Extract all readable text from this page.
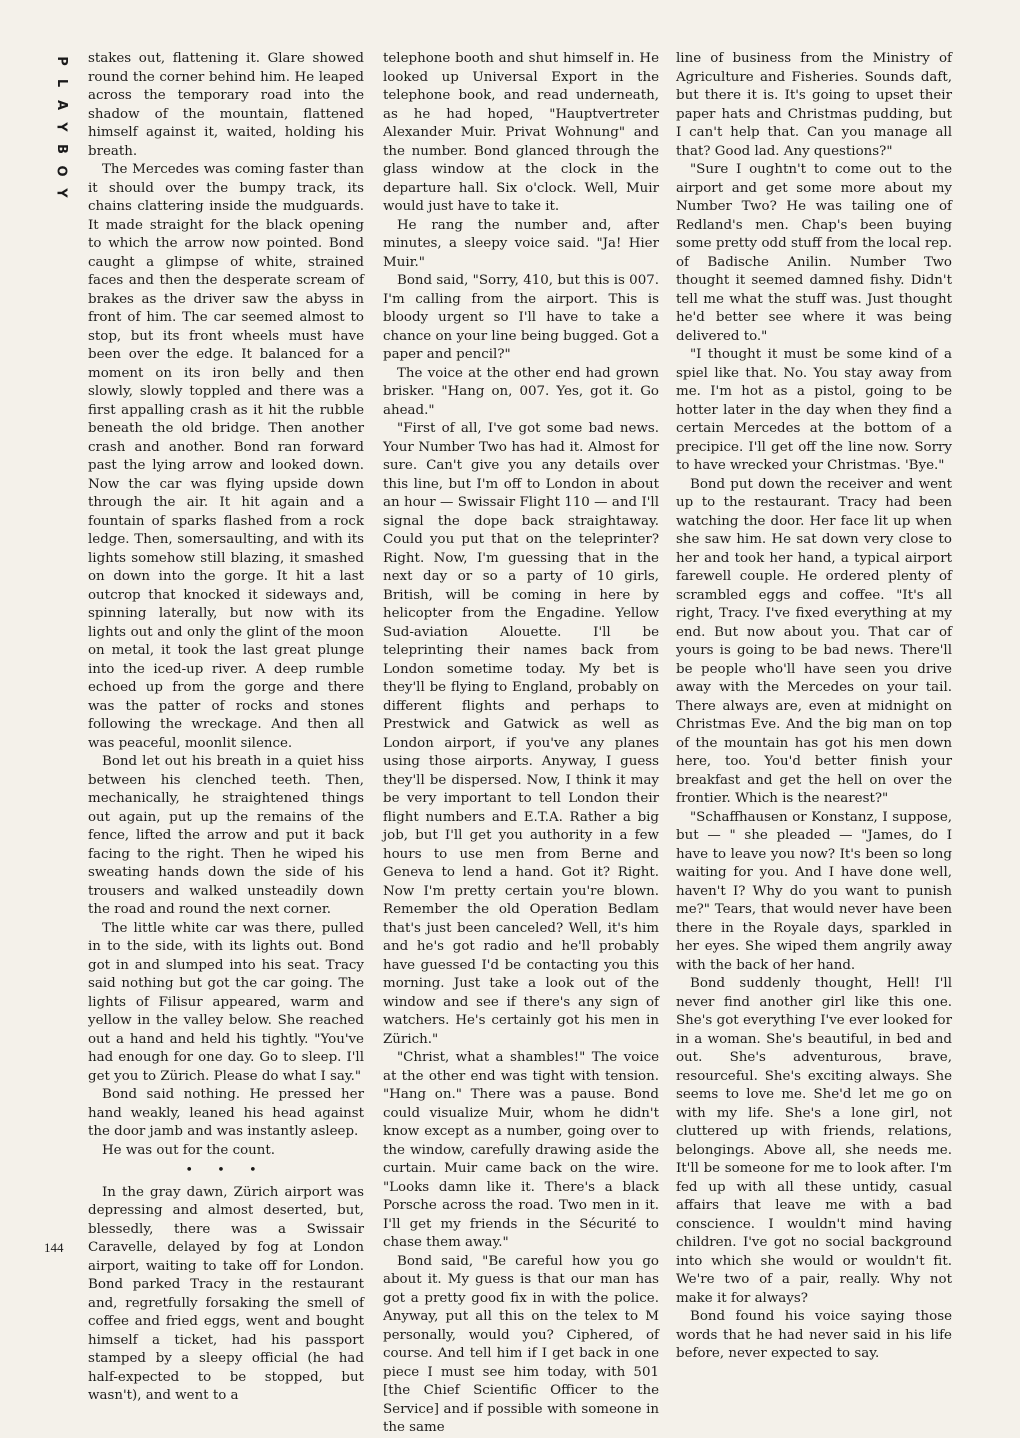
P
L
A
Y
B
O
Y

stakes out, flattening it. Glare showed round the corner behind him. He leaped across the temporary road into the shadow of the mountain, flattened himself against it, waited, holding his breath.

The Mercedes was coming faster than it should over the bumpy track, its chains clattering inside the mudguards. It made straight for the black opening to which the arrow now pointed. Bond caught a glimpse of white, strained faces and then the desperate scream of brakes as the driver saw the abyss in front of him. The car seemed almost to stop, but its front wheels must have been over the edge. It balanced for a moment on its iron belly and then slowly, slowly toppled and there was a first appalling crash as it hit the rubble beneath the old bridge. Then another crash and another. Bond ran forward past the lying arrow and looked down. Now the car was flying upside down through the air. It hit again and a fountain of sparks flashed from a rock ledge. Then, somersaulting, and with its lights somehow still blazing, it smashed on down into the gorge. It hit a last outcrop that knocked it sideways and, spinning laterally, but now with its lights out and only the glint of the moon on metal, it took the last great plunge into the iced-up river. A deep rumble echoed up from the gorge and there was the patter of rocks and stones following the wreckage. And then all was peaceful, moonlit silence.

Bond let out his breath in a quiet hiss between his clenched teeth. Then, mechanically, he straightened things out again, put up the remains of the fence, lifted the arrow and put it back facing to the right. Then he wiped his sweating hands down the side of his trousers and walked unsteadily down the road and round the next corner.

The little white car was there, pulled in to the side, with its lights out. Bond got in and slumped into his seat. Tracy said nothing but got the car going. The lights of Filisur appeared, warm and yellow in the valley below. She reached out a hand and held his tightly. "You've had enough for one day. Go to sleep. I'll get you to Zürich. Please do what I say."

Bond said nothing. He pressed her hand weakly, leaned his head against the door jamb and was instantly asleep.

He was out for the count.

• • •

In the gray dawn, Zürich airport was depressing and almost deserted, but, blessedly, there was a Swissair Caravelle, delayed by fog at London airport, waiting to take off for London. Bond parked Tracy in the restaurant and, regretfully forsaking the smell of coffee and fried eggs, went and bought himself a ticket, had his passport stamped by a sleepy official (he had half-expected to be stopped, but wasn't), and went to a

telephone booth and shut himself in. He looked up Universal Export in the telephone book, and read underneath, as he had hoped, "Hauptvertreter Alexander Muir. Privat Wohnung" and the number. Bond glanced through the glass window at the clock in the departure hall. Six o'clock. Well, Muir would just have to take it.

He rang the number and, after minutes, a sleepy voice said. "Ja! Hier Muir."

Bond said, "Sorry, 410, but this is 007. I'm calling from the airport. This is bloody urgent so I'll have to take a chance on your line being bugged. Got a paper and pencil?"

The voice at the other end had grown brisker. "Hang on, 007. Yes, got it. Go ahead."

"First of all, I've got some bad news. Your Number Two has had it. Almost for sure. Can't give you any details over this line, but I'm off to London in about an hour — Swissair Flight 110 — and I'll signal the dope back straightaway. Could you put that on the teleprinter? Right. Now, I'm guessing that in the next day or so a party of 10 girls, British, will be coming in here by helicopter from the Engadine. Yellow Sud-aviation Alouette. I'll be teleprinting their names back from London sometime today. My bet is they'll be flying to England, probably on different flights and perhaps to Prestwick and Gatwick as well as London airport, if you've any planes using those airports. Anyway, I guess they'll be dispersed. Now, I think it may be very important to tell London their flight numbers and E.T.A. Rather a big job, but I'll get you authority in a few hours to use men from Berne and Geneva to lend a hand. Got it? Right. Now I'm pretty certain you're blown. Remember the old Operation Bedlam that's just been canceled? Well, it's him and he's got radio and he'll probably have guessed I'd be contacting you this morning. Just take a look out of the window and see if there's any sign of watchers. He's certainly got his men in Zürich."

"Christ, what a shambles!" The voice at the other end was tight with tension. "Hang on." There was a pause. Bond could visualize Muir, whom he didn't know except as a number, going over to the window, carefully drawing aside the curtain. Muir came back on the wire. "Looks damn like it. There's a black Porsche across the road. Two men in it. I'll get my friends in the Sécurité to chase them away."

Bond said, "Be careful how you go about it. My guess is that our man has got a pretty good fix in with the police. Anyway, put all this on the telex to M personally, would you? Ciphered, of course. And tell him if I get back in one piece I must see him today, with 501 [the Chief Scientific Officer to the Service] and if possible with someone in the same

line of business from the Ministry of Agriculture and Fisheries. Sounds daft, but there it is. It's going to upset their paper hats and Christmas pudding, but I can't help that. Can you manage all that? Good lad. Any questions?"

"Sure I oughtn't to come out to the airport and get some more about my Number Two? He was tailing one of Redland's men. Chap's been buying some pretty odd stuff from the local rep. of Badische Anilin. Number Two thought it seemed damned fishy. Didn't tell me what the stuff was. Just thought he'd better see where it was being delivered to."

"I thought it must be some kind of a spiel like that. No. You stay away from me. I'm hot as a pistol, going to be hotter later in the day when they find a certain Mercedes at the bottom of a precipice. I'll get off the line now. Sorry to have wrecked your Christmas. 'Bye."

Bond put down the receiver and went up to the restaurant. Tracy had been watching the door. Her face lit up when she saw him. He sat down very close to her and took her hand, a typical airport farewell couple. He ordered plenty of scrambled eggs and coffee. "It's all right, Tracy. I've fixed everything at my end. But now about you. That car of yours is going to be bad news. There'll be people who'll have seen you drive away with the Mercedes on your tail. There always are, even at midnight on Christmas Eve. And the big man on top of the mountain has got his men down here, too. You'd better finish your breakfast and get the hell on over the frontier. Which is the nearest?"

"Schaffhausen or Konstanz, I suppose, but — " she pleaded — "James, do I have to leave you now? It's been so long waiting for you. And I have done well, haven't I? Why do you want to punish me?" Tears, that would never have been there in the Royale days, sparkled in her eyes. She wiped them angrily away with the back of her hand.

Bond suddenly thought, Hell! I'll never find another girl like this one. She's got everything I've ever looked for in a woman. She's beautiful, in bed and out. She's adventurous, brave, resourceful. She's exciting always. She seems to love me. She'd let me go on with my life. She's a lone girl, not cluttered up with friends, relations, belongings. Above all, she needs me. It'll be someone for me to look after. I'm fed up with all these untidy, casual affairs that leave me with a bad conscience. I wouldn't mind having children. I've got no social background into which she would or wouldn't fit. We're two of a pair, really. Why not make it for always?

Bond found his voice saying those words that he had never said in his life before, never expected to say.

144
